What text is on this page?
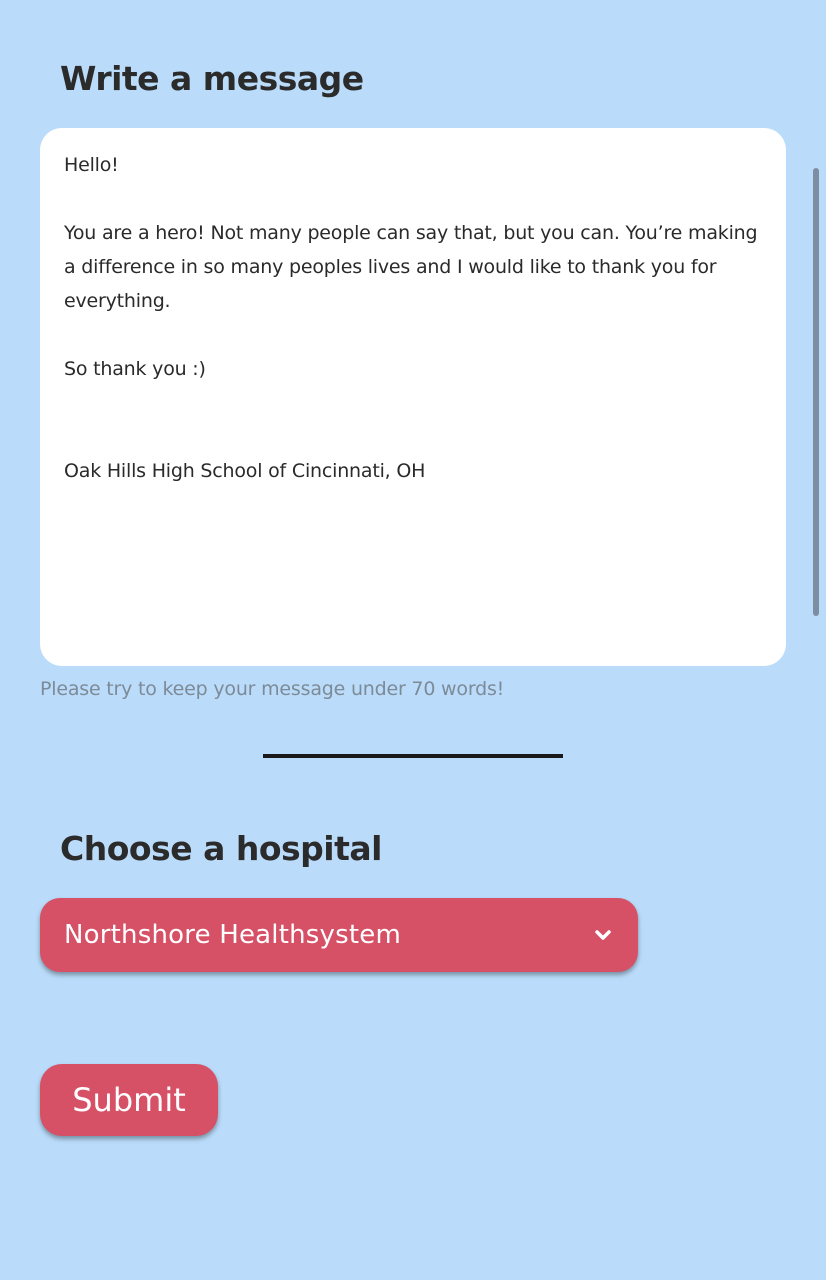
Write a message

Hello!

You are a hero! Not many people can say that, but you can. You’re making a difference in so many peoples lives and I would like to thank you for everything.

So thank you :)

Oak Hills High School of Cincinnati, OH

Please try to keep your message under 70 words!
Choose a hospital
Northshore Healthsystem
Submit
